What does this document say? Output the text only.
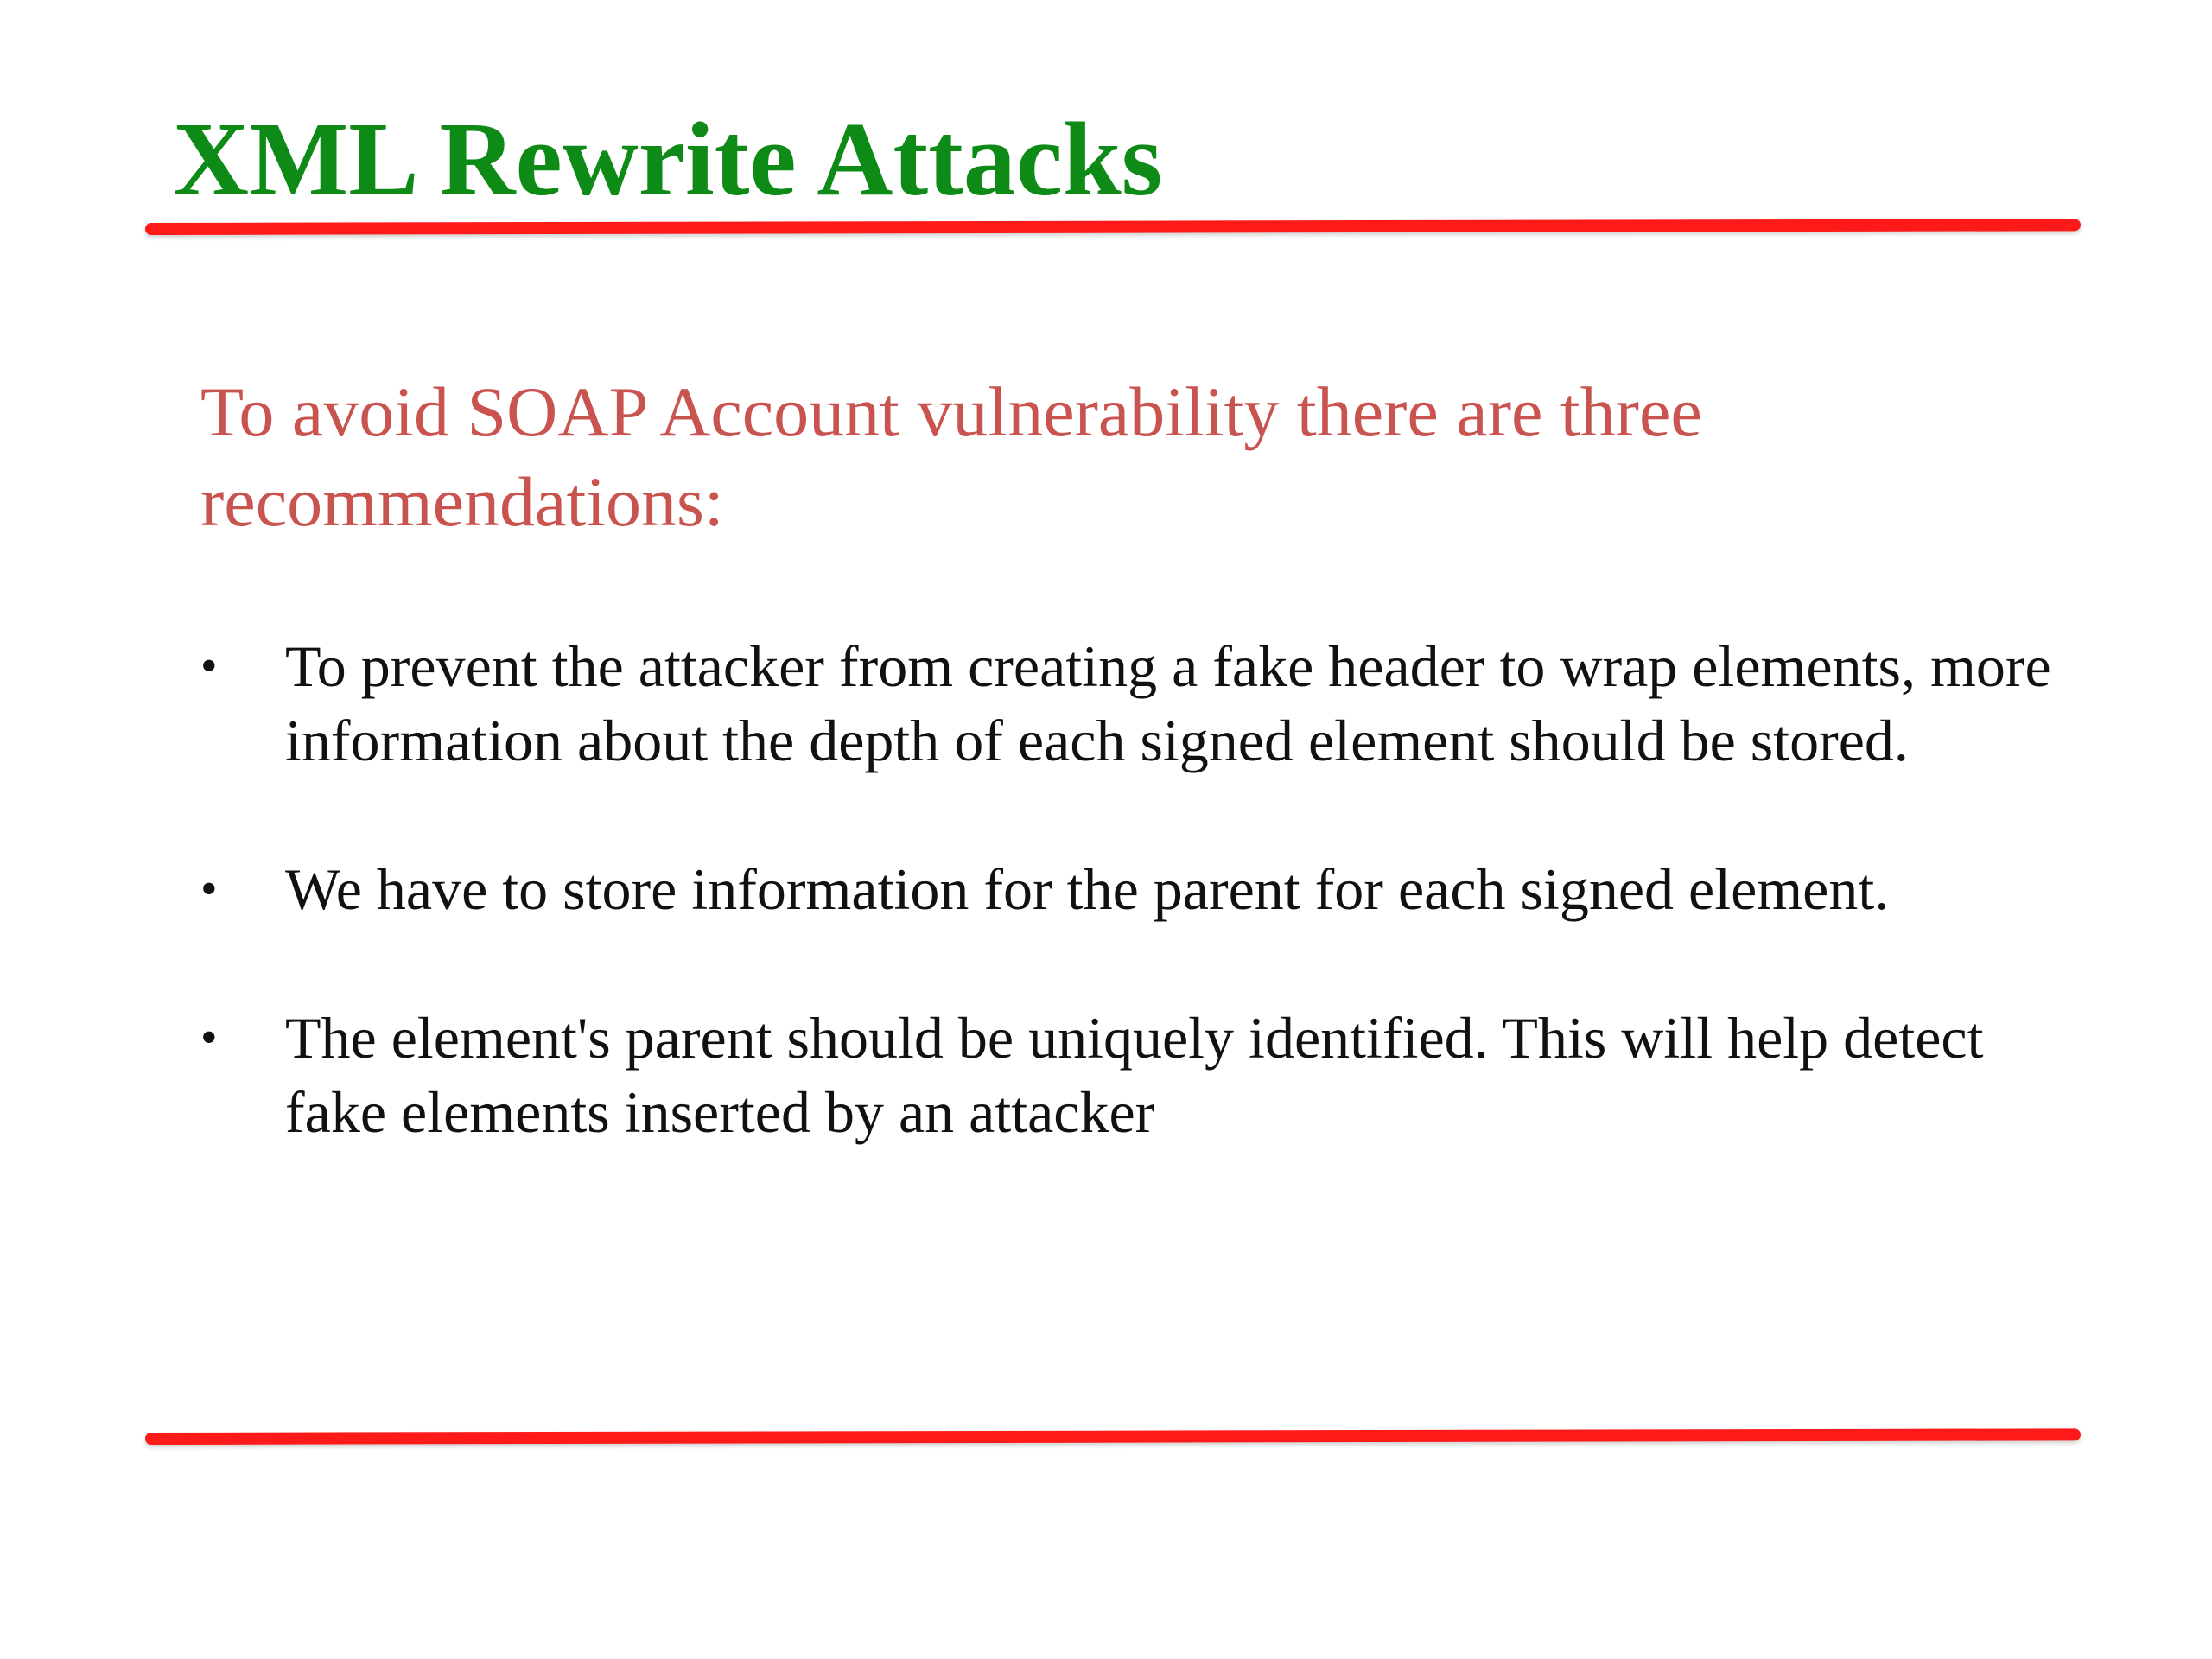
XML Rewrite Attacks

To avoid SOAP Account vulnerability there are three recommendations:

• To prevent the attacker from creating a fake header to wrap elements, more information about the depth of each signed element should be stored.
• We have to store information for the parent for each signed element.
• The element's parent should be uniquely identified. This will help detect fake elements inserted by an attacker
